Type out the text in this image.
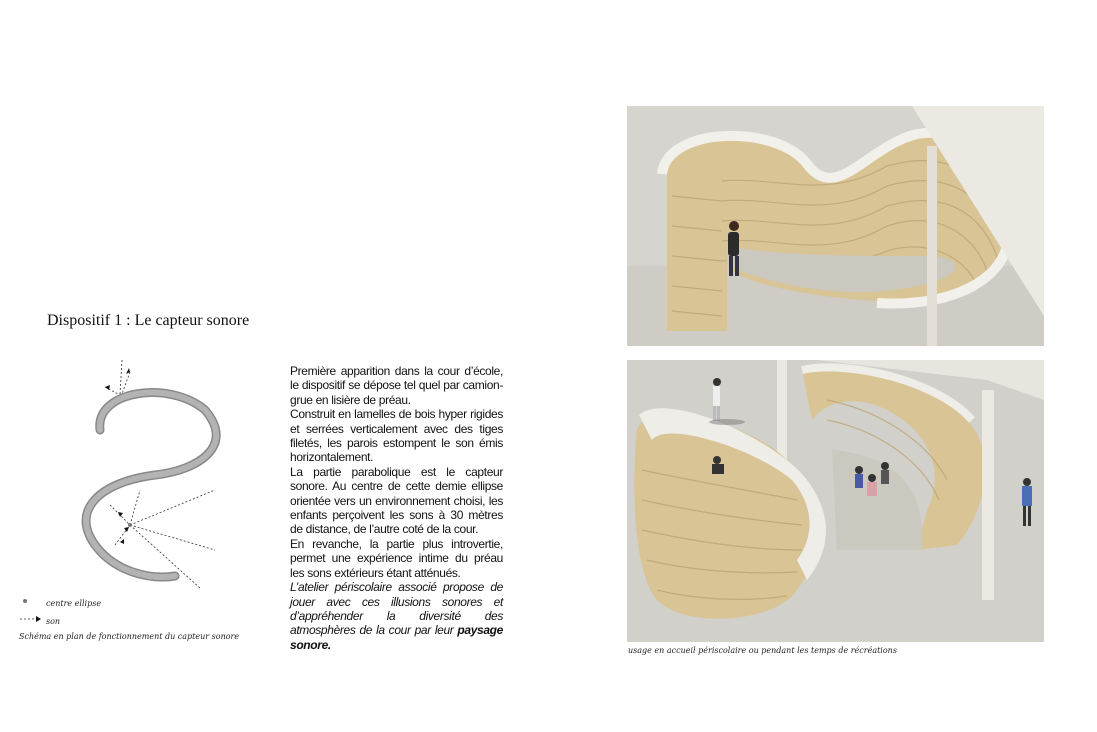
Dispositif 1 : Le capteur sonore
centre ellipse
son
Schéma en plan de fonctionnement du capteur sonore

Première apparition dans la cour d’école, le dispositif se dépose tel quel par camion-grue en lisière de préau.

Construit en lamelles de bois hyper rigides et serrées verticalement avec des tiges filetés, les parois estompent le son émis horizontalement.

La partie parabolique est le capteur sonore. Au centre de cette demie ellipse orientée vers un environnement choisi, les enfants perçoivent les sons à 30 mètres de distance, de l’autre coté de la cour.

En revanche, la partie plus introvertie, permet une expérience intime du préau les sons extérieurs étant atténués.

L’atelier périscolaire associé propose de jouer avec ces illusions sonores et d’appréhender la diversité des atmosphères de la cour par leur paysage sonore.	usage en accueil périscolaire ou pendant les temps de récréations
